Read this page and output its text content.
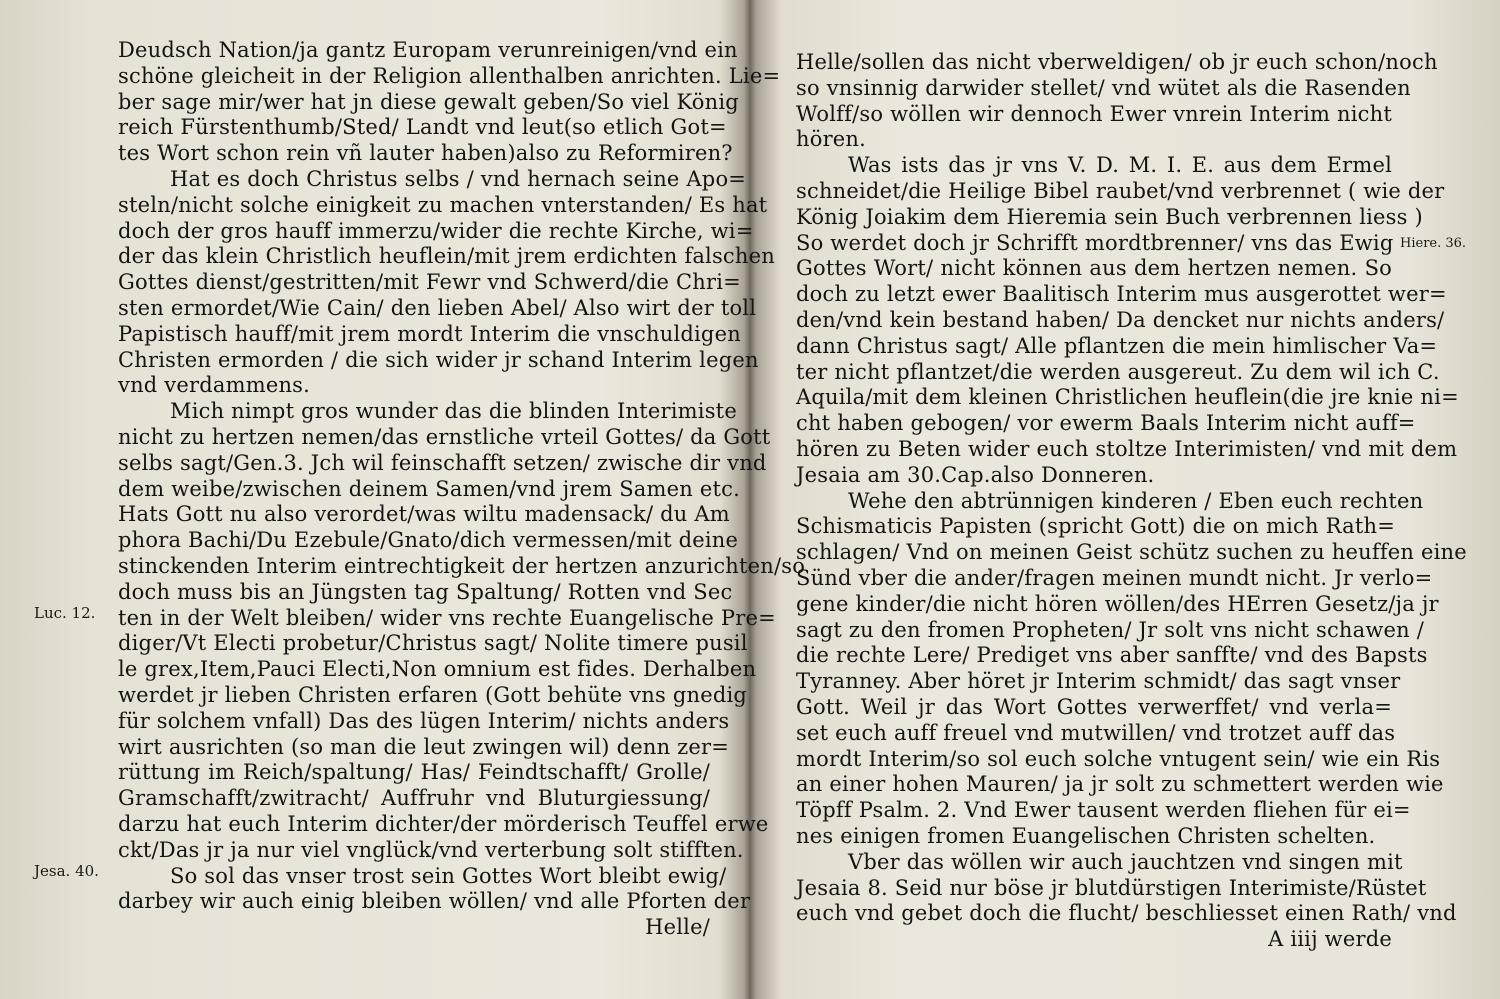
Luc. 12.
Jesa. 40.
Deudsch Nation/ja gantz Europam verunreinigen/vnd ein
schöne gleicheit in der Religion allenthalben anrichten. Lie=
ber sage mir/wer hat jn diese gewalt geben/So viel König
reich Fürstenthumb/Sted/ Landt vnd leut(so etlich Got=
tes Wort schon rein vñ lauter haben)also zu Reformiren?
Hat es doch Christus selbs / vnd hernach seine Apo=
steln/nicht solche einigkeit zu machen vnterstanden/ Es hat
doch der gros hauff immerzu/wider die rechte Kirche, wi=
der das klein Christlich heuflein/mit jrem erdichten falschen
Gottes dienst/gestritten/mit Fewr vnd Schwerd/die Chri=
sten ermordet/Wie Cain/ den lieben Abel/ Also wirt der toll
Papistisch hauff/mit jrem mordt Interim die vnschuldigen
Christen ermorden / die sich wider jr schand Interim legen
vnd verdammens.
Mich nimpt gros wunder das die blinden Interimiste
nicht zu hertzen nemen/das ernstliche vrteil Gottes/ da Gott
selbs sagt/Gen.3. Jch wil feinschafft setzen/ zwische dir vnd
dem weibe/zwischen deinem Samen/vnd jrem Samen etc.
Hats Gott nu also verordet/was wiltu madensack/ du Am
phora Bachi/Du Ezebule/Gnato/dich vermessen/mit deine
stinckenden Interim eintrechtigkeit der hertzen anzurichten/so
doch muss bis an Jüngsten tag Spaltung/ Rotten vnd Sec
ten in der Welt bleiben/ wider vns rechte Euangelische Pre=
diger/Vt Electi probetur/Christus sagt/ Nolite timere pusil
le grex,Item,Pauci Electi,Non omnium est fides. Derhalben
werdet jr lieben Christen erfaren (Gott behüte vns gnedig
für solchem vnfall) Das des lügen Interim/ nichts anders
wirt ausrichten (so man die leut zwingen wil) denn zer=
rüttung im Reich/spaltung/ Has/ Feindtschafft/ Grolle/
Gramschafft/zwitracht/ Auffruhr vnd Bluturgiessung/
darzu hat euch Interim dichter/der mörderisch Teuffel erwe
ckt/Das jr ja nur viel vnglück/vnd verterbung solt stifften.
So sol das vnser trost sein Gottes Wort bleibt ewig/
darbey wir auch einig bleiben wöllen/ vnd alle Pforten der
Helle/
Hiere. 36.
Helle/sollen das nicht vberweldigen/ ob jr euch schon/noch
so vnsinnig darwider stellet/ vnd wütet als die Rasenden
Wolff/so wöllen wir dennoch Ewer vnrein Interim nicht
hören.
Was ists das jr vns V. D. M. I. E. aus dem Ermel
schneidet/die Heilige Bibel raubet/vnd verbrennet ( wie der
König Joiakim dem Hieremia sein Buch verbrennen liess )
So werdet doch jr Schrifft mordtbrenner/ vns das Ewig
Gottes Wort/ nicht können aus dem hertzen nemen. So
doch zu letzt ewer Baalitisch Interim mus ausgerottet wer=
den/vnd kein bestand haben/ Da dencket nur nichts anders/
dann Christus sagt/ Alle pflantzen die mein himlischer Va=
ter nicht pflantzet/die werden ausgereut. Zu dem wil ich C.
Aquila/mit dem kleinen Christlichen heuflein(die jre knie ni=
cht haben gebogen/ vor ewerm Baals Interim nicht auff=
hören zu Beten wider euch stoltze Interimisten/ vnd mit dem
Jesaia am 30.Cap.also Donneren.
Wehe den abtrünnigen kinderen / Eben euch rechten
Schismaticis Papisten (spricht Gott) die on mich Rath=
schlagen/ Vnd on meinen Geist schütz suchen zu heuffen eine
Sünd vber die ander/fragen meinen mundt nicht. Jr verlo=
gene kinder/die nicht hören wöllen/des HErren Gesetz/ja jr
sagt zu den fromen Propheten/ Jr solt vns nicht schawen /
die rechte Lere/ Prediget vns aber sanffte/ vnd des Bapsts
Tyranney. Aber höret jr Interim schmidt/ das sagt vnser
Gott. Weil jr das Wort Gottes verwerffet/ vnd verla=
set euch auff freuel vnd mutwillen/ vnd trotzet auff das
mordt Interim/so sol euch solche vntugent sein/ wie ein Ris
an einer hohen Mauren/ ja jr solt zu schmettert werden wie
Töpff Psalm. 2. Vnd Ewer tausent werden fliehen für ei=
nes einigen fromen Euangelischen Christen schelten.
Vber das wöllen wir auch jauchtzen vnd singen mit
Jesaia 8. Seid nur böse jr blutdürstigen Interimiste/Rüstet
euch vnd gebet doch die flucht/ beschliesset einen Rath/ vnd
A iiij werde
